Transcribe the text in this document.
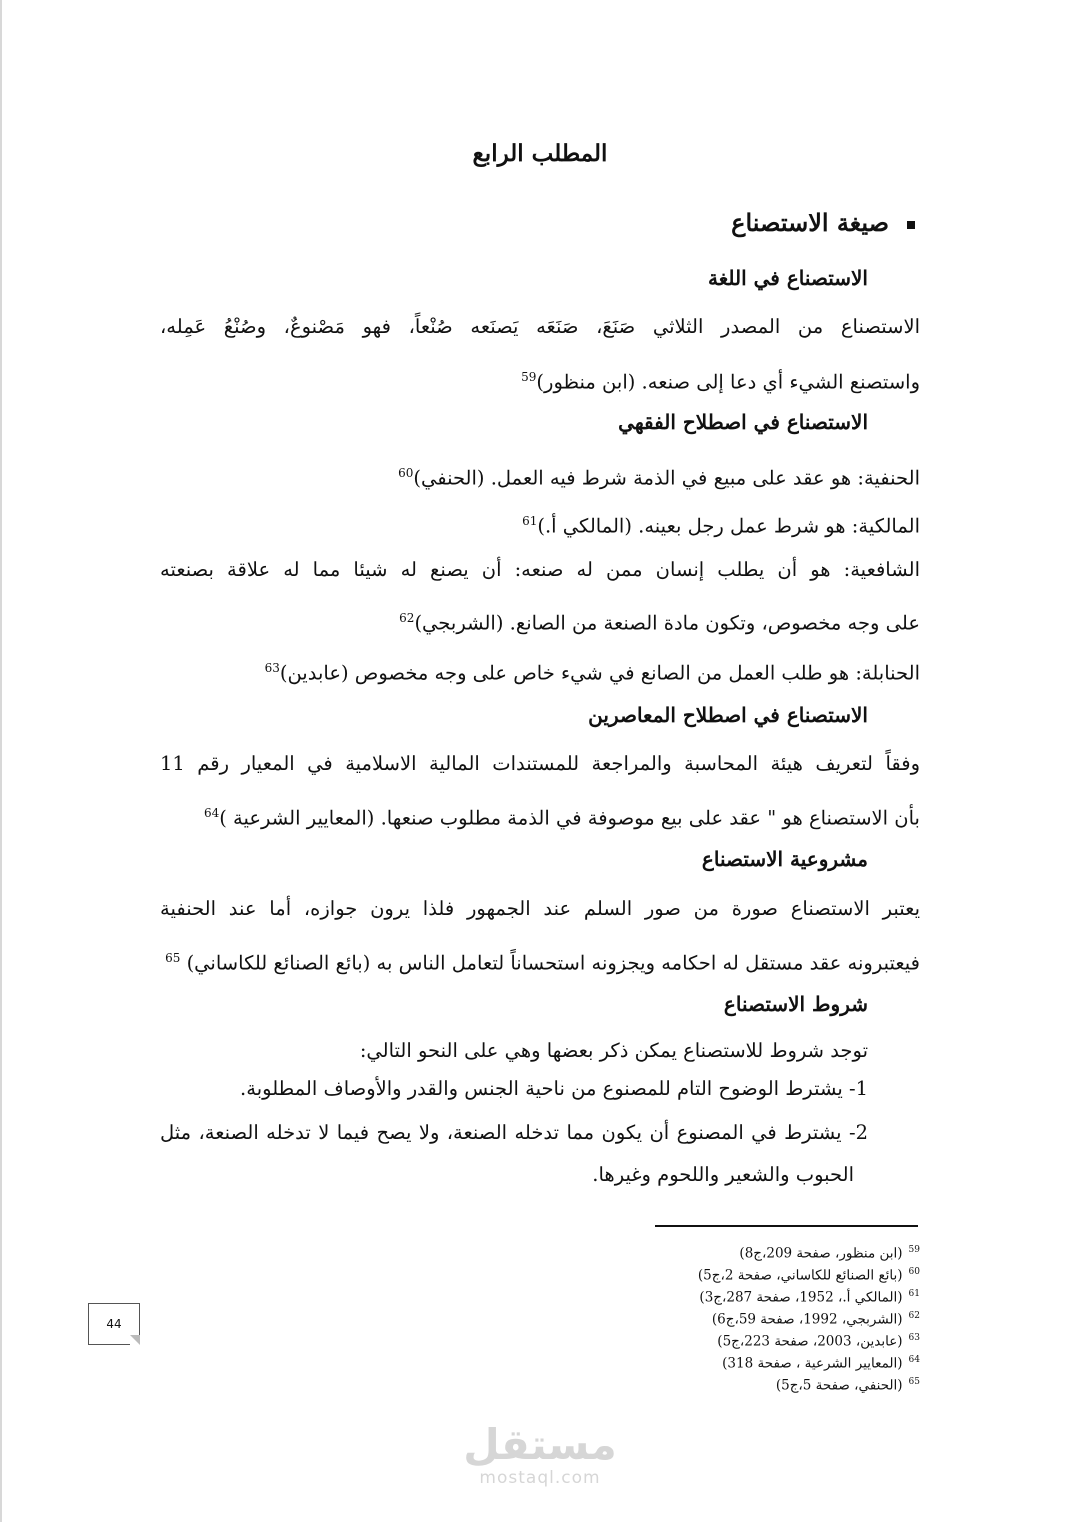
المطلب الرابع
صيغة الاستصناع
الاستصناع في اللغة
الاستصناع من المصدر الثلاثي صَنَعَ، صَنَعَه يَصنَعه صُنْعاً، فهو مَصْنوعٌ، وصُنْعُ عَمِله،
واستصنع الشيء أي دعا إلى صنعه. (ابن منظور)$^{59}$
الاستصناع في اصطلاح الفقهي
الحنفية: هو عقد على مبيع في الذمة شرط فيه العمل. (الحنفي)$^{60}$
المالكية: هو شرط عمل رجل بعينه. (المالكي أ.)$^{61}$
الشافعية: هو أن يطلب إنسان ممن له صنعه: أن يصنع له شيئا مما له علاقة بصنعته
على وجه مخصوص، وتكون مادة الصنعة من الصانع. (الشربجي)$^{62}$
الحنابلة: هو طلب العمل من الصانع في شيء خاص على وجه مخصوص (عابدين)$^{63}$
الاستصناع في اصطلاح المعاصرين
وفقاً لتعريف هيئة المحاسبة والمراجعة للمستندات المالية الاسلامية في المعيار رقم 11
بأن الاستصناع هو " عقد على بيع موصوفة في الذمة مطلوب صنعها. (المعايير الشرعية )$^{64}$
مشروعية الاستصناع
يعتبر الاستصناع صورة من صور السلم عند الجمهور فلذا يرون جوازه، أما عند الحنفية
فيعتبرونه عقد مستقل له احكامه ويجزونه استحساناً لتعامل الناس به (بائع الصنائع للكاساني) $^{65}$
شروط الاستصناع
توجد شروط للاستصناع يمكن ذكر بعضها وهي على النحو التالي:
1- يشترط الوضوح التام للمصنوع من ناحية الجنس والقدر والأوصاف المطلوبة.
2- يشترط في المصنوع أن يكون مما تدخله الصنعة، ولا يصح فيما لا تدخله الصنعة، مثل
الحبوب والشعير واللحوم وغيرها.
$^{59}$(ابن منظور، صفحة 209،ج8)
$^{60}$(بائع الصنائع للكاساني، صفحة 2،ج5)
$^{61}$(المالكي أ.، 1952، صفحة 287،ج3)
$^{62}$(الشربجي، 1992، صفحة 59،ج6)
$^{63}$(عابدين، 2003، صفحة 223،ج5)
$^{64}$(المعايير الشرعية ، صفحة 318)
$^{65}$(الحنفي، صفحة 5،ج5)
44
مستقل
mostaql.com
